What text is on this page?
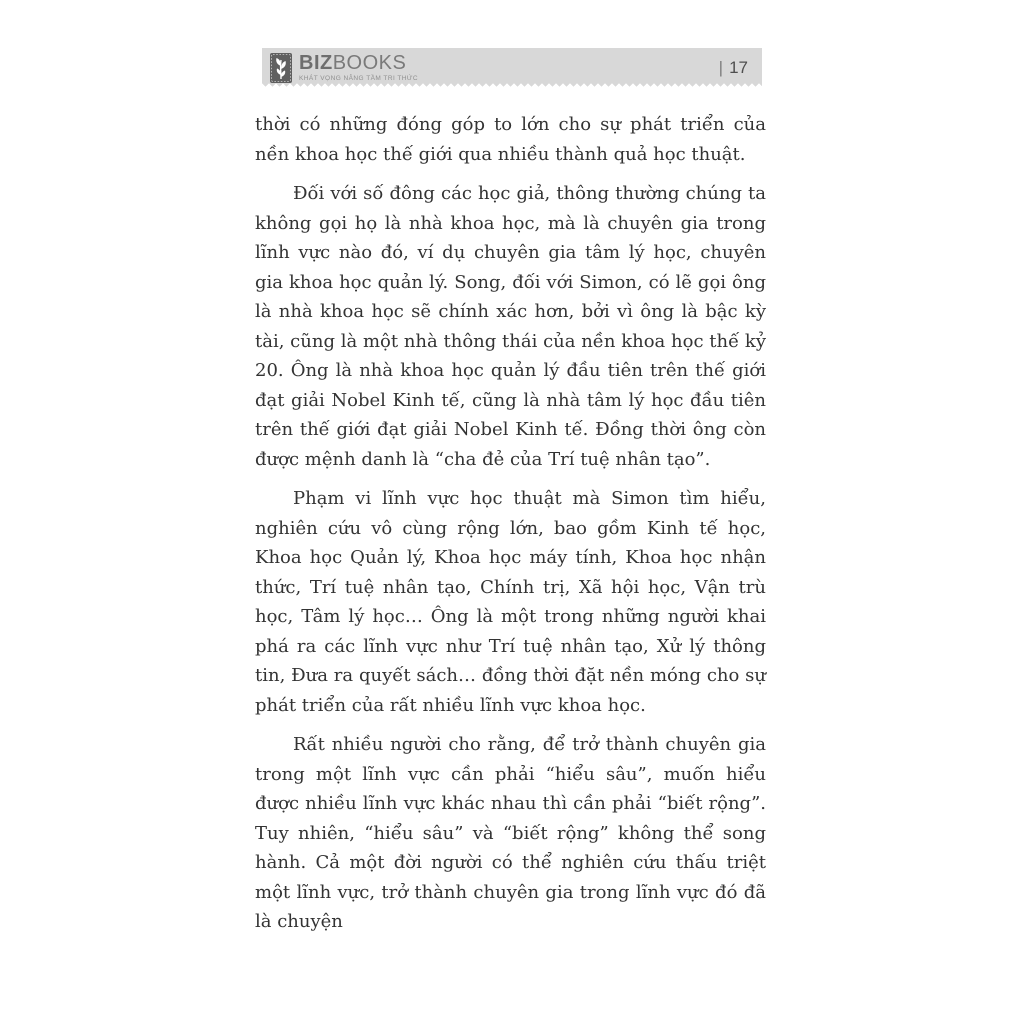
BIZBOOKS
KHÁT VỌNG NÂNG TẦM TRI THỨC
| 17

thời có những đóng góp to lớn cho sự phát triển của nền khoa học thế giới qua nhiều thành quả học thuật.

Đối với số đông các học giả, thông thường chúng ta không gọi họ là nhà khoa học, mà là chuyên gia trong lĩnh vực nào đó, ví dụ chuyên gia tâm lý học, chuyên gia khoa học quản lý. Song, đối với Simon, có lẽ gọi ông là nhà khoa học sẽ chính xác hơn, bởi vì ông là bậc kỳ tài, cũng là một nhà thông thái của nền khoa học thế kỷ 20. Ông là nhà khoa học quản lý đầu tiên trên thế giới đạt giải Nobel Kinh tế, cũng là nhà tâm lý học đầu tiên trên thế giới đạt giải Nobel Kinh tế. Đồng thời ông còn được mệnh danh là “cha đẻ của Trí tuệ nhân tạo”.

Phạm vi lĩnh vực học thuật mà Simon tìm hiểu, nghiên cứu vô cùng rộng lớn, bao gồm Kinh tế học, Khoa học Quản lý, Khoa học máy tính, Khoa học nhận thức, Trí tuệ nhân tạo, Chính trị, Xã hội học, Vận trù học, Tâm lý học… Ông là một trong những người khai phá ra các lĩnh vực như Trí tuệ nhân tạo, Xử lý thông tin, Đưa ra quyết sách… đồng thời đặt nền móng cho sự phát triển của rất nhiều lĩnh vực khoa học.

Rất nhiều người cho rằng, để trở thành chuyên gia trong một lĩnh vực cần phải “hiểu sâu”, muốn hiểu được nhiều lĩnh vực khác nhau thì cần phải “biết rộng”. Tuy nhiên, “hiểu sâu” và “biết rộng” không thể song hành. Cả một đời người có thể nghiên cứu thấu triệt một lĩnh vực, trở thành chuyên gia trong lĩnh vực đó đã là chuyện
